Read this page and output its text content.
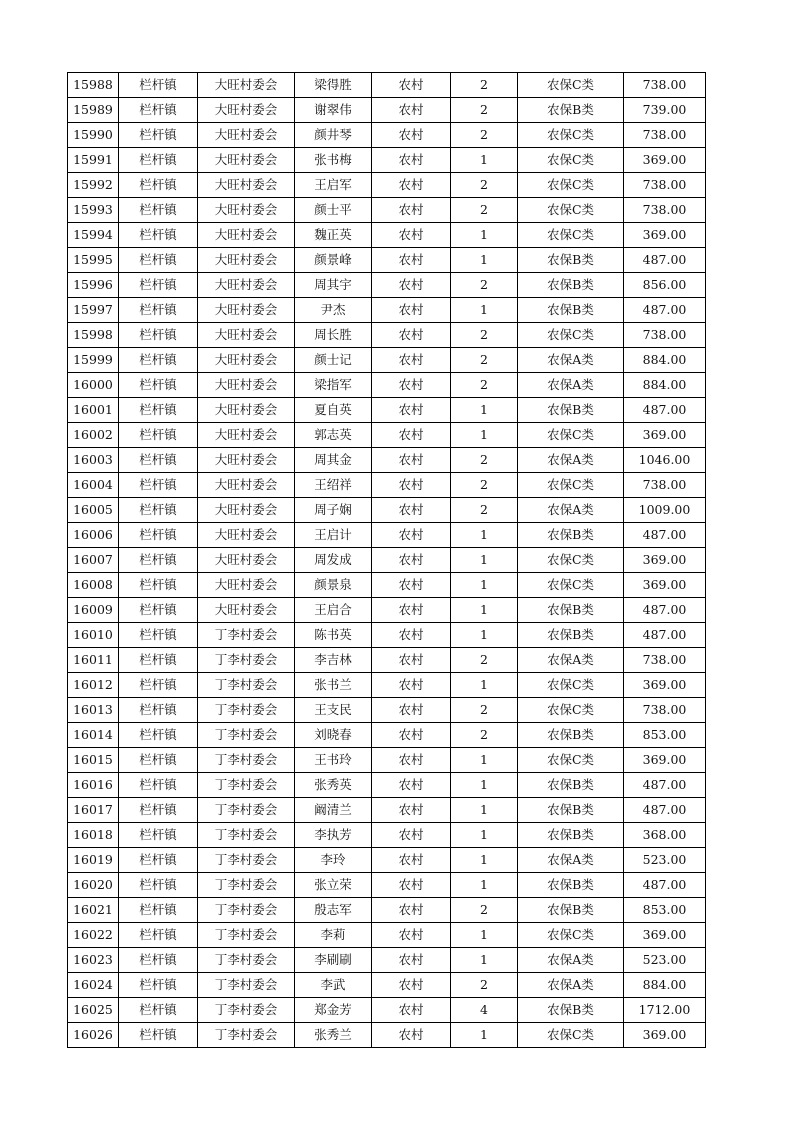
15988	栏杆镇	大旺村委会	梁得胜	农村	2	农保C类	738.00
15989	栏杆镇	大旺村委会	谢翠伟	农村	2	农保B类	739.00
15990	栏杆镇	大旺村委会	颜井琴	农村	2	农保C类	738.00
15991	栏杆镇	大旺村委会	张书梅	农村	1	农保C类	369.00
15992	栏杆镇	大旺村委会	王启军	农村	2	农保C类	738.00
15993	栏杆镇	大旺村委会	颜士平	农村	2	农保C类	738.00
15994	栏杆镇	大旺村委会	魏正英	农村	1	农保C类	369.00
15995	栏杆镇	大旺村委会	颜景峰	农村	1	农保B类	487.00
15996	栏杆镇	大旺村委会	周其宇	农村	2	农保B类	856.00
15997	栏杆镇	大旺村委会	尹杰	农村	1	农保B类	487.00
15998	栏杆镇	大旺村委会	周长胜	农村	2	农保C类	738.00
15999	栏杆镇	大旺村委会	颜士记	农村	2	农保A类	884.00
16000	栏杆镇	大旺村委会	梁指军	农村	2	农保A类	884.00
16001	栏杆镇	大旺村委会	夏自英	农村	1	农保B类	487.00
16002	栏杆镇	大旺村委会	郭志英	农村	1	农保C类	369.00
16003	栏杆镇	大旺村委会	周其金	农村	2	农保A类	1046.00
16004	栏杆镇	大旺村委会	王绍祥	农村	2	农保C类	738.00
16005	栏杆镇	大旺村委会	周子娴	农村	2	农保A类	1009.00
16006	栏杆镇	大旺村委会	王启计	农村	1	农保B类	487.00
16007	栏杆镇	大旺村委会	周发成	农村	1	农保C类	369.00
16008	栏杆镇	大旺村委会	颜景泉	农村	1	农保C类	369.00
16009	栏杆镇	大旺村委会	王启合	农村	1	农保B类	487.00
16010	栏杆镇	丁李村委会	陈书英	农村	1	农保B类	487.00
16011	栏杆镇	丁李村委会	李吉林	农村	2	农保A类	738.00
16012	栏杆镇	丁李村委会	张书兰	农村	1	农保C类	369.00
16013	栏杆镇	丁李村委会	王支民	农村	2	农保C类	738.00
16014	栏杆镇	丁李村委会	刘晓春	农村	2	农保B类	853.00
16015	栏杆镇	丁李村委会	王书玲	农村	1	农保C类	369.00
16016	栏杆镇	丁李村委会	张秀英	农村	1	农保B类	487.00
16017	栏杆镇	丁李村委会	阚清兰	农村	1	农保B类	487.00
16018	栏杆镇	丁李村委会	李执芳	农村	1	农保B类	368.00
16019	栏杆镇	丁李村委会	李玲	农村	1	农保A类	523.00
16020	栏杆镇	丁李村委会	张立荣	农村	1	农保B类	487.00
16021	栏杆镇	丁李村委会	殷志军	农村	2	农保B类	853.00
16022	栏杆镇	丁李村委会	李莉	农村	1	农保C类	369.00
16023	栏杆镇	丁李村委会	李刷刷	农村	1	农保A类	523.00
16024	栏杆镇	丁李村委会	李武	农村	2	农保A类	884.00
16025	栏杆镇	丁李村委会	郑金芳	农村	4	农保B类	1712.00
16026	栏杆镇	丁李村委会	张秀兰	农村	1	农保C类	369.00
